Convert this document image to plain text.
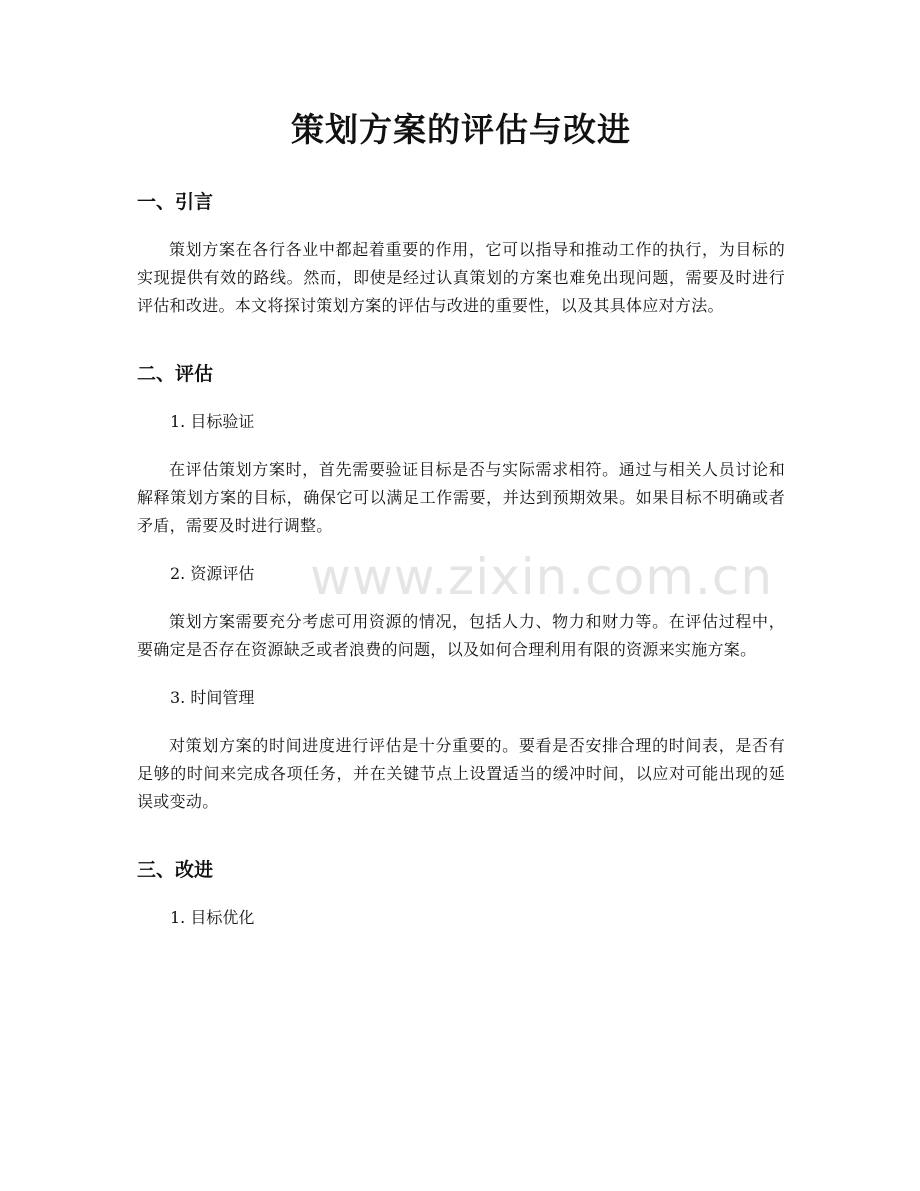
策划方案的评估与改进
一、引言

策划方案在各行各业中都起着重要的作用，它可以指导和推动工作的执行，为目标的实现提供有效的路线。然而，即使是经过认真策划的方案也难免出现问题，需要及时进行评估和改进。本文将探讨策划方案的评估与改进的重要性，以及其具体应对方法。

二、评估

1. 目标验证

在评估策划方案时，首先需要验证目标是否与实际需求相符。通过与相关人员讨论和解释策划方案的目标，确保它可以满足工作需要，并达到预期效果。如果目标不明确或者矛盾，需要及时进行调整。

2. 资源评估

策划方案需要充分考虑可用资源的情况，包括人力、物力和财力等。在评估过程中，要确定是否存在资源缺乏或者浪费的问题，以及如何合理利用有限的资源来实施方案。

3. 时间管理

对策划方案的时间进度进行评估是十分重要的。要看是否安排合理的时间表，是否有足够的时间来完成各项任务，并在关键节点上设置适当的缓冲时间，以应对可能出现的延误或变动。

三、改进

1. 目标优化

www.zixin.com.cn
